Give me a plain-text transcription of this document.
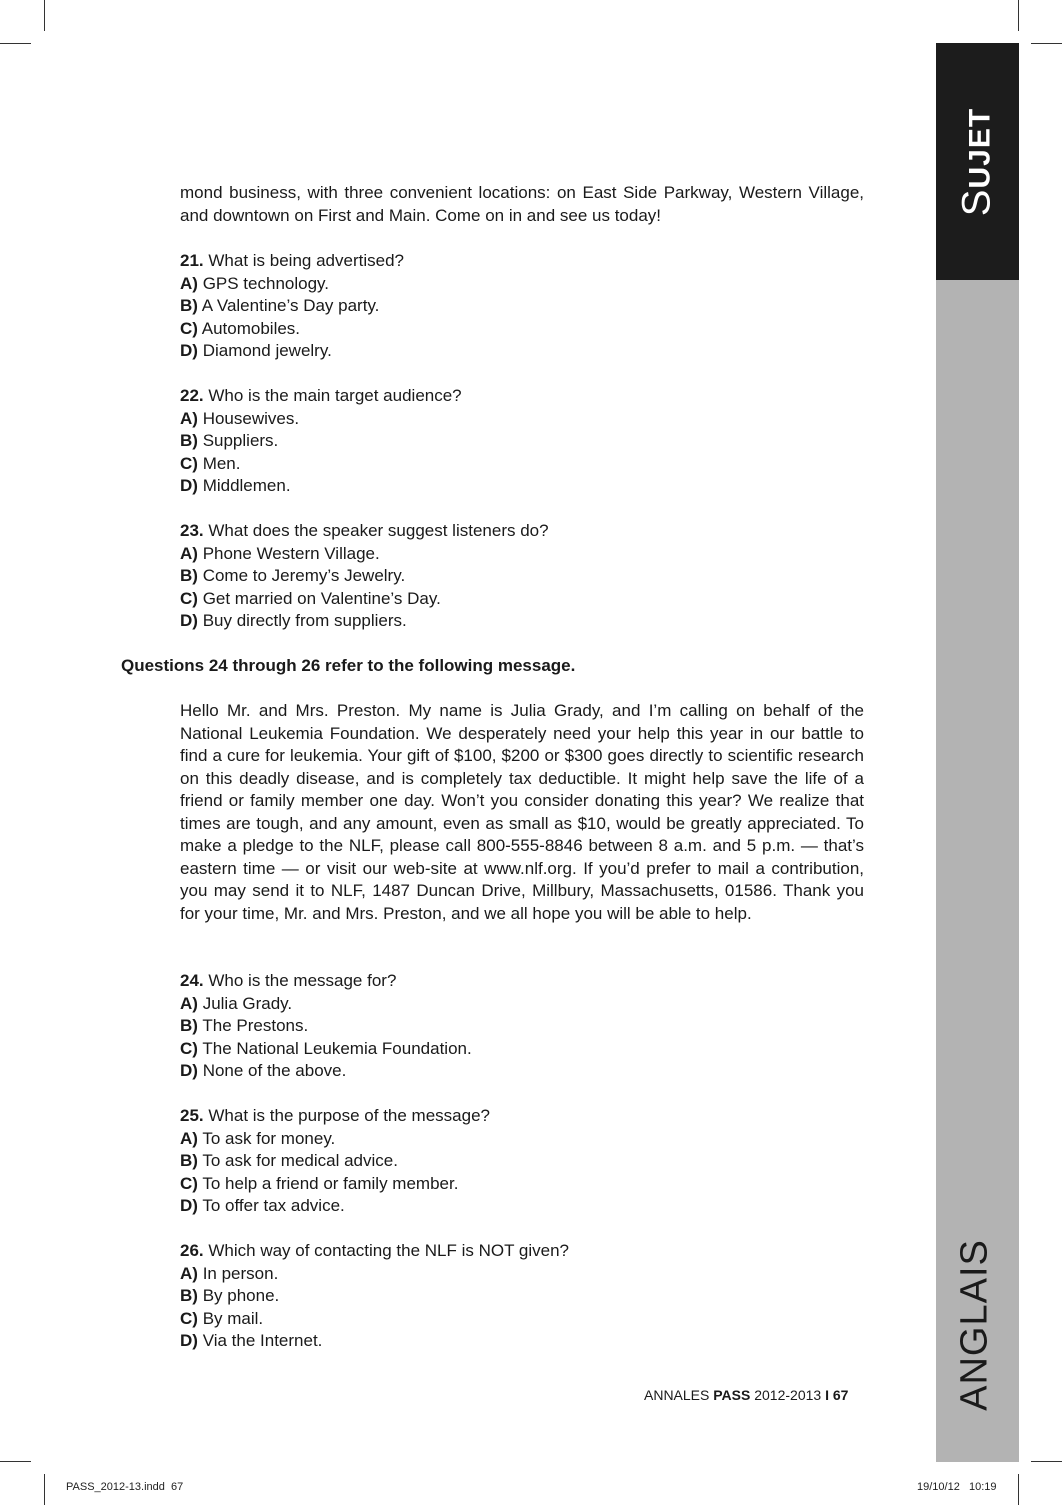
SUJET
ANGLAIS

mond business, with three convenient locations: on East Side Parkway, Western Village, and downtown on First and Main. Come on in and see us today!

21. What is being advertised?
A) GPS technology.
B) A Valentine’s Day party.
C) Automobiles.
D) Diamond jewelry.
22. Who is the main target audience?
A) Housewives.
B) Suppliers.
C) Men.
D) Middlemen.
23. What does the speaker suggest listeners do?
A) Phone Western Village.
B) Come to Jeremy’s Jewelry.
C) Get married on Valentine’s Day.
D) Buy directly from suppliers.
Questions 24 through 26 refer to the following message.

Hello Mr. and Mrs. Preston. My name is Julia Grady, and I’m calling on behalf of the National Leukemia Foundation. We desperately need your help this year in our battle to find a cure for leukemia. Your gift of $100, $200 or $300 goes directly to scientific research on this deadly disease, and is completely tax deductible. It might help save the life of a friend or family member one day. Won’t you consider donating this year? We realize that times are tough, and any amount, even as small as $10, would be greatly appreciated. To make a pledge to the NLF, please call 800-555-8846 between 8 a.m. and 5 p.m. — that’s eastern time — or visit our web-site at www.nlf.org. If you’d prefer to mail a contribution, you may send it to NLF, 1487 Duncan Drive, Millbury, Massachusetts, 01586. Thank you for your time, Mr. and Mrs. Preston, and we all hope you will be able to help.

24. Who is the message for?
A) Julia Grady.
B) The Prestons.
C) The National Leukemia Foundation.
D) None of the above.
25. What is the purpose of the message?
A) To ask for money.
B) To ask for medical advice.
C) To help a friend or family member.
D) To offer tax advice.
26. Which way of contacting the NLF is NOT given?
A) In person.
B) By phone.
C) By mail.
D) Via the Internet.
ANNALES PASS 2012-2013 I 67
PASS_2012-13.indd 67	19/10/12 10:19
